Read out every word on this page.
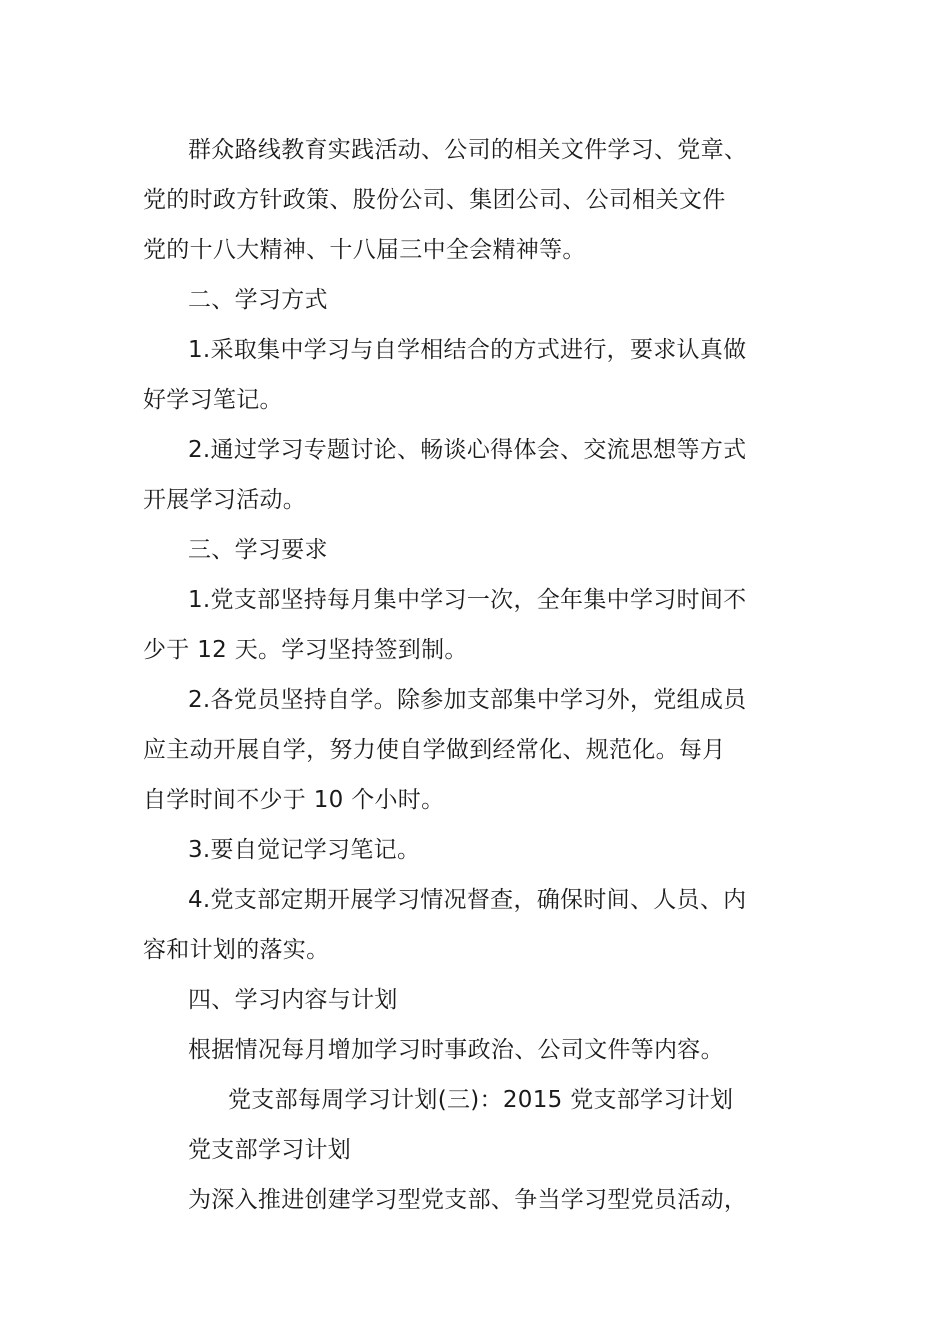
群众路线教育实践活动、公司的相关文件学习、党章、
党的时政方针政策、股份公司、集团公司、公司相关文件
党的十八大精神、十八届三中全会精神等。
二、学习方式
1.采取集中学习与自学相结合的方式进行，要求认真做
好学习笔记。
2.通过学习专题讨论、畅谈心得体会、交流思想等方式
开展学习活动。
三、学习要求
1.党支部坚持每月集中学习一次，全年集中学习时间不
少于 12 天。学习坚持签到制。
2.各党员坚持自学。除参加支部集中学习外，党组成员
应主动开展自学，努力使自学做到经常化、规范化。每月
自学时间不少于 10 个小时。
3.要自觉记学习笔记。
4.党支部定期开展学习情况督查，确保时间、人员、内
容和计划的落实。
四、学习内容与计划
根据情况每月增加学习时事政治、公司文件等内容。
党支部每周学习计划(三)：2015 党支部学习计划
党支部学习计划
为深入推进创建学习型党支部、争当学习型党员活动，
